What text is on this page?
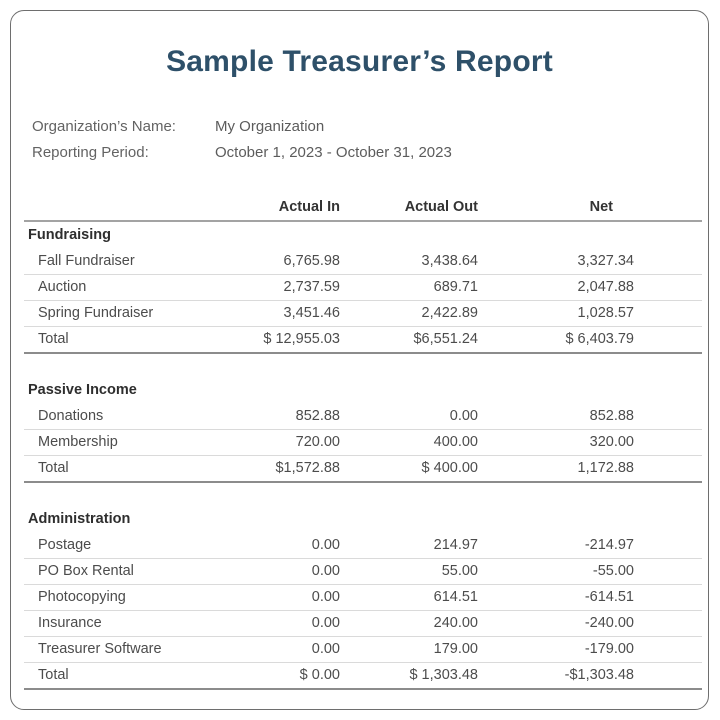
Sample Treasurer’s Report
Organization’s Name:	My Organization
Reporting Period:	October 1, 2023 - October 31, 2023
Actual In	Actual Out	Net
Fundraising
Fall Fundraiser	6,765.98	3,438.64	3,327.34
Auction	2,737.59	689.71	2,047.88
Spring Fundraiser	3,451.46	2,422.89	1,028.57
Total	$ 12,955.03	$6,551.24	$ 6,403.79
Passive Income
Donations	852.88	0.00	852.88
Membership	720.00	400.00	320.00
Total	$1,572.88	$ 400.00	1,172.88
Administration
Postage	0.00	214.97	-214.97
PO Box Rental	0.00	55.00	-55.00
Photocopying	0.00	614.51	-614.51
Insurance	0.00	240.00	-240.00
Treasurer Software	0.00	179.00	-179.00
Total	$ 0.00	$ 1,303.48	-$1,303.48
